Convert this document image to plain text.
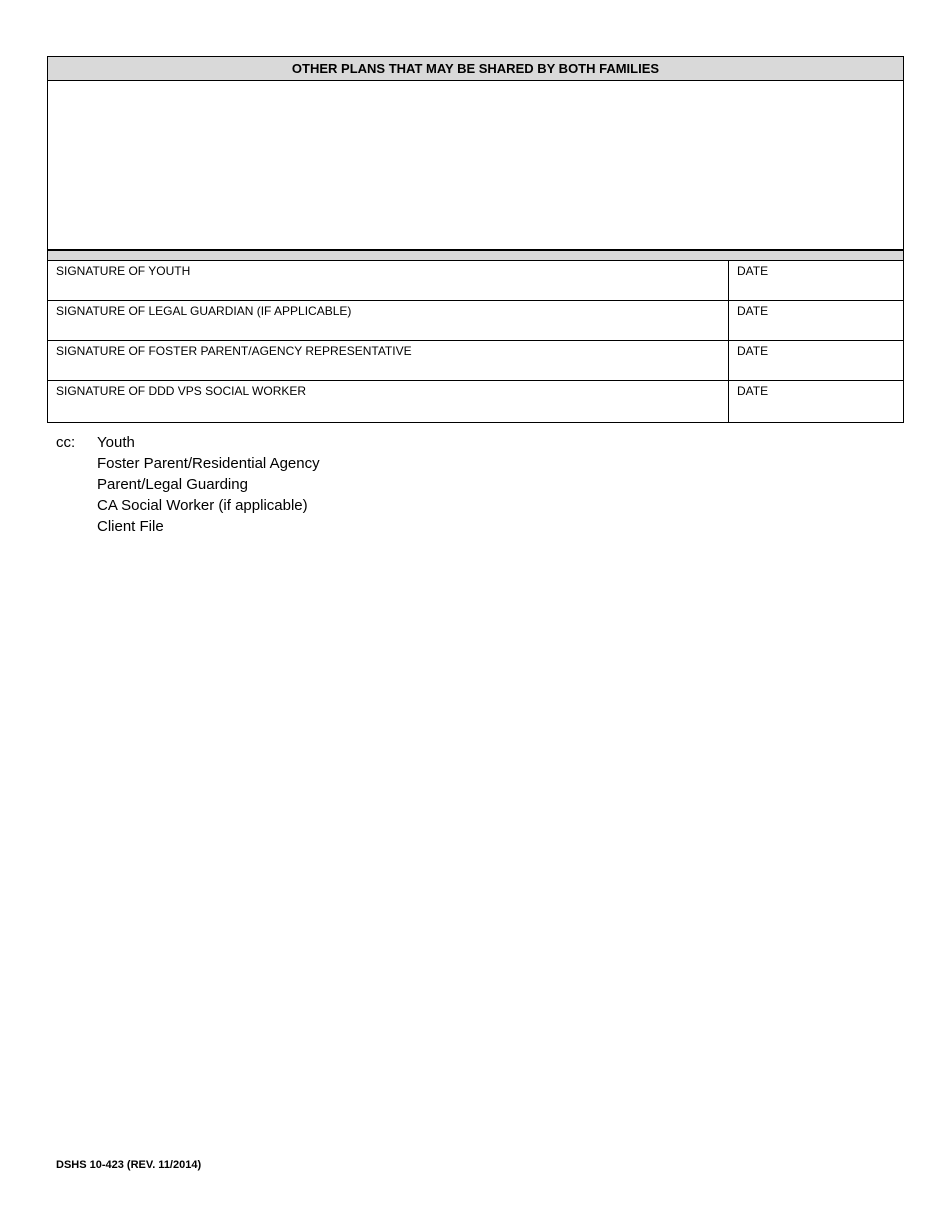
OTHER PLANS THAT MAY BE SHARED BY BOTH FAMILIES
SIGNATURE OF YOUTH	DATE
SIGNATURE OF LEGAL GUARDIAN (IF APPLICABLE)	DATE
SIGNATURE OF FOSTER PARENT/AGENCY REPRESENTATIVE	DATE
SIGNATURE OF DDD VPS SOCIAL WORKER	DATE
cc: Youth
Foster Parent/Residential Agency
Parent/Legal Guarding
CA Social Worker (if applicable)
Client File
DSHS 10-423 (REV. 11/2014)
